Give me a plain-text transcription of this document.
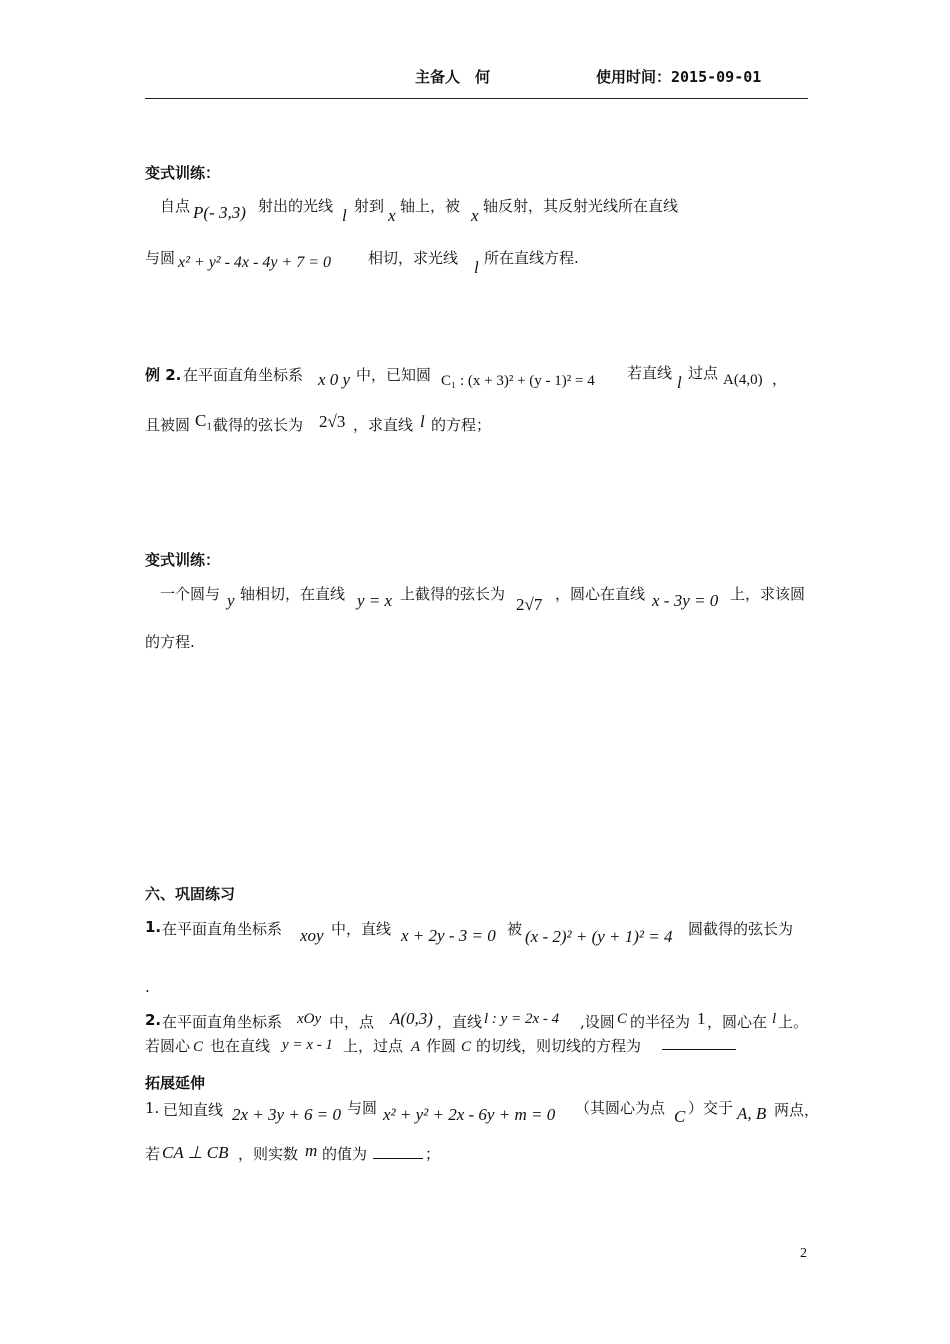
主备人　何	使用时间：2015-09-01
变式训练：
自点 P(- 3,3) 射出的光线 l 射到 x 轴上，被 x 轴反射，其反射光线所在直线
与圆 x² + y² - 4x - 4y + 7 = 0 相切，求光线 l 所在直线方程.
例 2. 在平面直角坐标系 x 0 y 中，已知圆 C₁ : (x + 3)² + (y - 1)² = 4 若直线 l 过点 A(4,0) ，
且被圆 C₁ 截得的弦长为 2√3 ，求直线 l 的方程；
变式训练：
一个圆与 y 轴相切，在直线 y = x 上截得的弦长为
2√7
，圆心在直线 x - 3y = 0 上，求该圆
的方程.
六、巩固练习
1. 在平面直角坐标系 xoy 中，直线 x + 2y - 3 = 0 被 (x - 2)² + (y + 1)² = 4 圆截得的弦长为
.
2. 在平面直角坐标系 xOy 中，点 A(0,3) ，直线 l : y = 2x - 4 ,设圆 C 的半径为 1 ，圆心在 l 上。
若圆心 C 也在直线 y = x - 1 上，过点 A 作圆 C 的切线，则切线的方程为
拓展延伸
1. 已知直线 2x + 3y + 6 = 0 与圆 x² + y² + 2x - 6y + m = 0 （其圆心为点 C ）交于 A, B 两点，
若 CA ⊥ CB ，则实数 m 的值为	；
2
